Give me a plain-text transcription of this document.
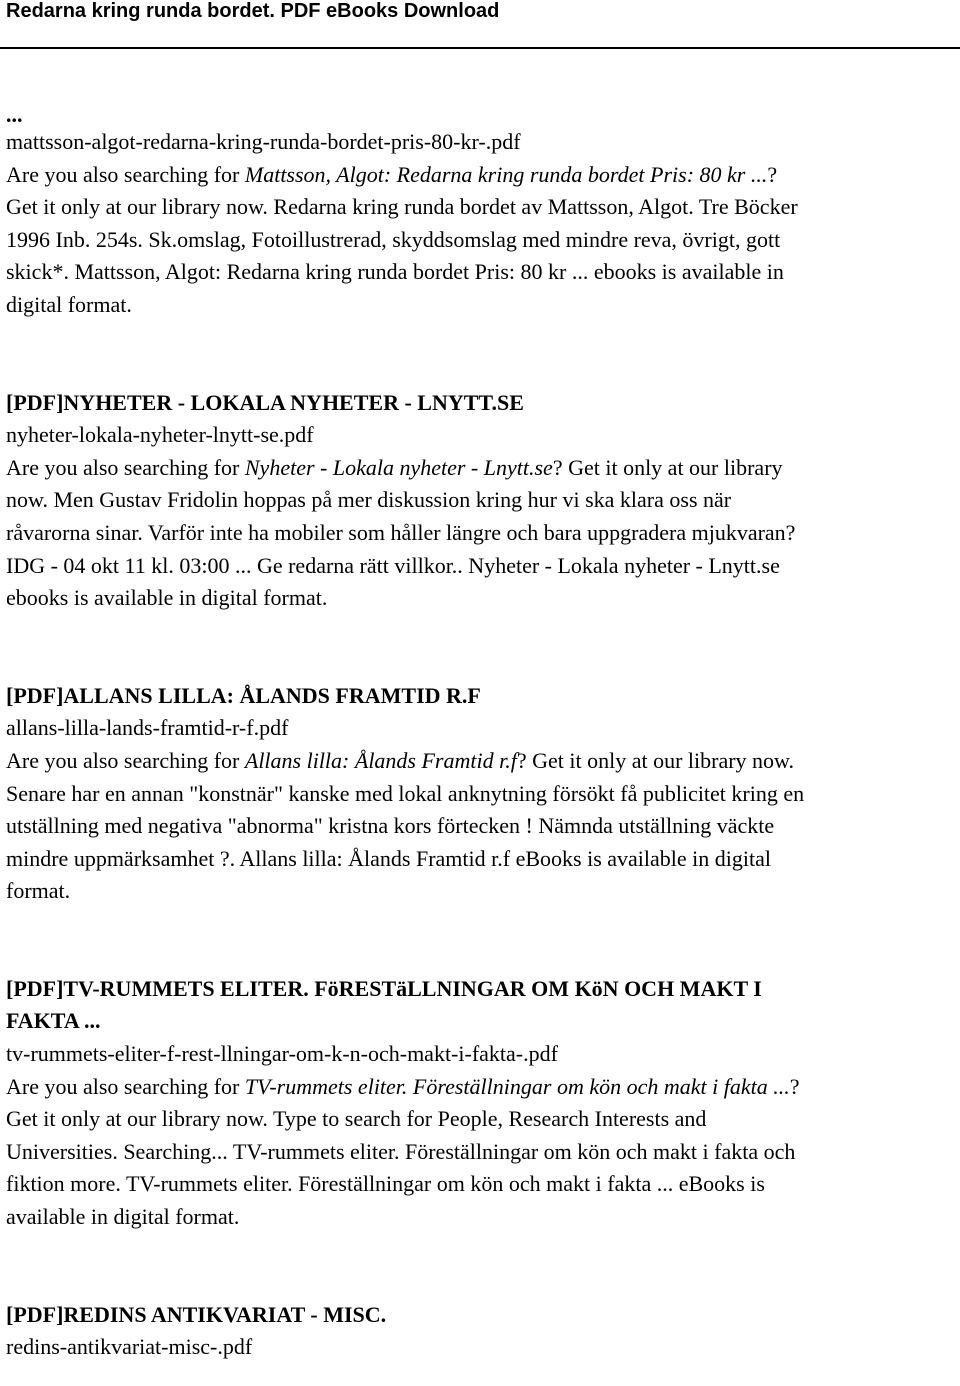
Redarna kring runda bordet. PDF eBooks Download
...
mattsson-algot-redarna-kring-runda-bordet-pris-80-kr-.pdf
Are you also searching for Mattsson, Algot: Redarna kring runda bordet Pris: 80 kr ...?
Get it only at our library now. Redarna kring runda bordet av Mattsson, Algot. Tre Böcker
1996 Inb. 254s. Sk.omslag, Fotoillustrerad, skyddsomslag med mindre reva, övrigt, gott
skick*. Mattsson, Algot: Redarna kring runda bordet Pris: 80 kr ... ebooks is available in
digital format.
[PDF]NYHETER - LOKALA NYHETER - LNYTT.SE
nyheter-lokala-nyheter-lnytt-se.pdf
Are you also searching for Nyheter - Lokala nyheter - Lnytt.se? Get it only at our library
now. Men Gustav Fridolin hoppas på mer diskussion kring hur vi ska klara oss när
råvarorna sinar. Varför inte ha mobiler som håller längre och bara uppgradera mjukvaran?
IDG - 04 okt 11 kl. 03:00 ... Ge redarna rätt villkor.. Nyheter - Lokala nyheter - Lnytt.se
ebooks is available in digital format.
[PDF]ALLANS LILLA: ÅLANDS FRAMTID R.F
allans-lilla-lands-framtid-r-f.pdf
Are you also searching for Allans lilla: Ålands Framtid r.f? Get it only at our library now.
Senare har en annan "konstnär" kanske med lokal anknytning försökt få publicitet kring en
utställning med negativa "abnorma" kristna kors förtecken ! Nämnda utställning väckte
mindre uppmärksamhet ?. Allans lilla: Ålands Framtid r.f eBooks is available in digital
format.
[PDF]TV-RUMMETS ELITER. FöRESTäLLNINGAR OM KöN OCH MAKT I
FAKTA ...
tv-rummets-eliter-f-rest-llningar-om-k-n-och-makt-i-fakta-.pdf
Are you also searching for TV-rummets eliter. Föreställningar om kön och makt i fakta ...?
Get it only at our library now. Type to search for People, Research Interests and
Universities. Searching... TV-rummets eliter. Föreställningar om kön och makt i fakta och
fiktion more. TV-rummets eliter. Föreställningar om kön och makt i fakta ... eBooks is
available in digital format.
[PDF]REDINS ANTIKVARIAT - MISC.
redins-antikvariat-misc-.pdf
